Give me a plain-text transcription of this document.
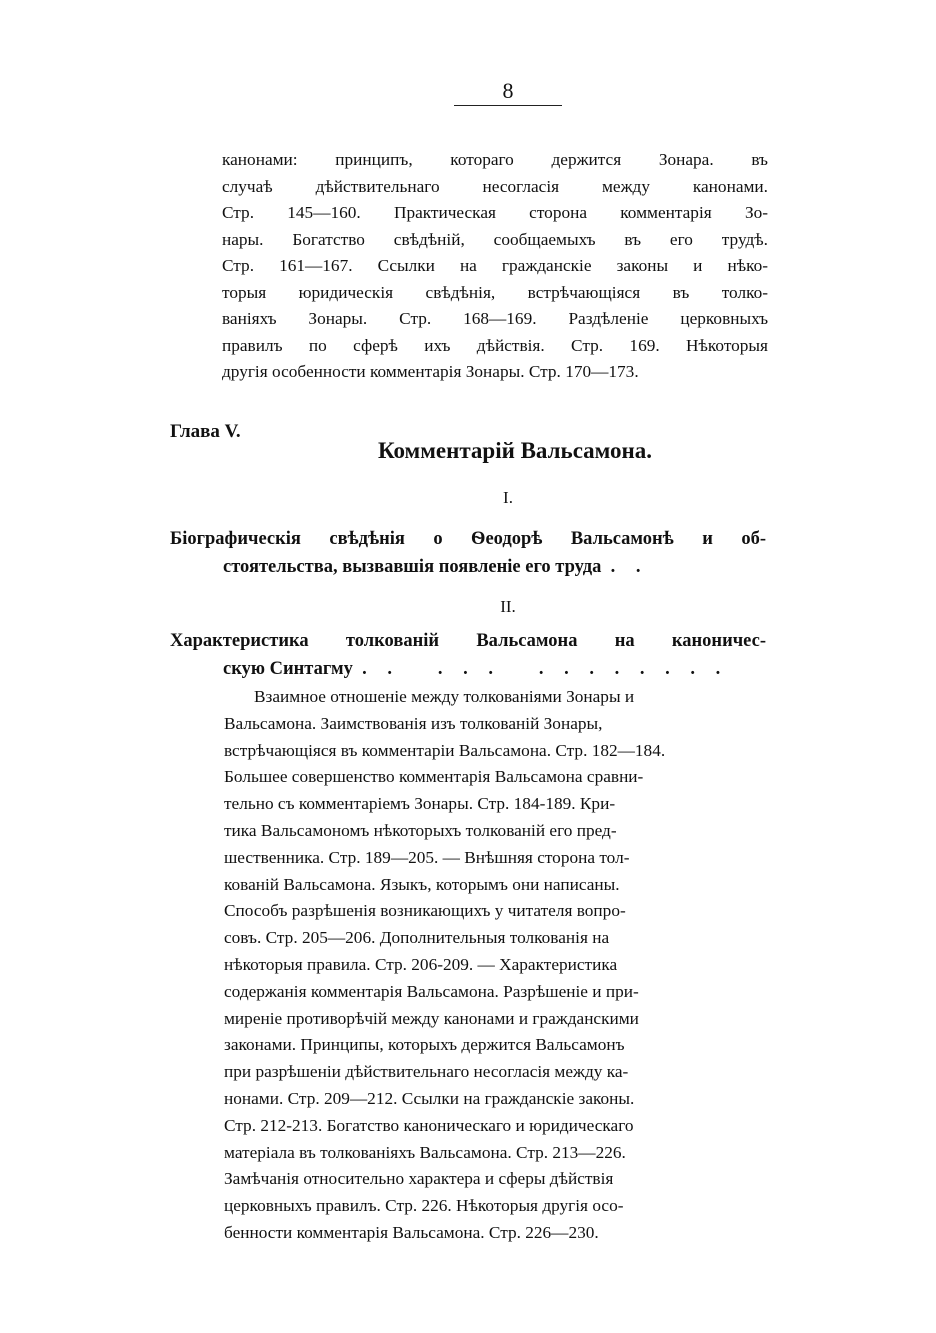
8

канонами: принципъ, котораго держится Зонара. въ

случаѣ дѣйствительнаго несогласія между канонами.

Стр. 145—160. Практическая сторона комментарія Зо-

нары. Богатство свѣдѣній, сообщаемыхъ въ его трудѣ.

Стр. 161—167. Ссылки на гражданскіе законы и нѣко-

торыя юридическія свѣдѣнія, встрѣчающіяся въ толко-

ваніяхъ Зонары. Стр. 168—169. Раздѣленіе церковныхъ

правилъ по сферѣ ихъ дѣйствія. Стр. 169. Нѣкоторыя

другія особенности комментарія Зонары. Стр. 170—173.

Глава V.
Комментарій Вальсамона.
I.
Біографическія свѣдѣнія о Ѳеодорѣ Вальсамонѣ и об-
стоятельства, вызвавшія появленіе его труда . .
II.
Характеристика толкованій Вальсамона на каноничес-
скую Синтагму . .   . . .   . . . . . . . .

Взаимное отношеніе между толкованіями Зонары и

Вальсамона. Заимствованія изъ толкованій Зонары,

встрѣчающіяся въ комментаріи Вальсамона. Стр. 182—184.

Большее совершенство комментарія Вальсамона сравни-

тельно съ комментаріемъ Зонары. Стр. 184-189. Кри-

тика Вальсамономъ нѣкоторыхъ толкованій его пред-

шественника. Стр. 189—205. — Внѣшняя сторона тол-

кованій Вальсамона. Языкъ, которымъ они написаны.

Способъ разрѣшенія возникающихъ у читателя вопро-

совъ. Стр. 205—206. Дополнительныя толкованія на

нѣкоторыя правила. Стр. 206-209. — Характеристика

содержанія комментарія Вальсамона. Разрѣшеніе и при-

миреніе противорѣчій между канонами и гражданскими

законами. Принципы, которыхъ держится Вальсамонъ

при разрѣшеніи дѣйствительнаго несогласія между ка-

нонами. Стр. 209—212. Ссылки на гражданскіе законы.

Стр. 212-213. Богатство каноническаго и юридическаго

матеріала въ толкованіяхъ Вальсамона. Стр. 213—226.

Замѣчанія относительно характера и сферы дѣйствія

церковныхъ правилъ. Стр. 226. Нѣкоторыя другія осо-

бенности комментарія Вальсамона. Стр. 226—230.
